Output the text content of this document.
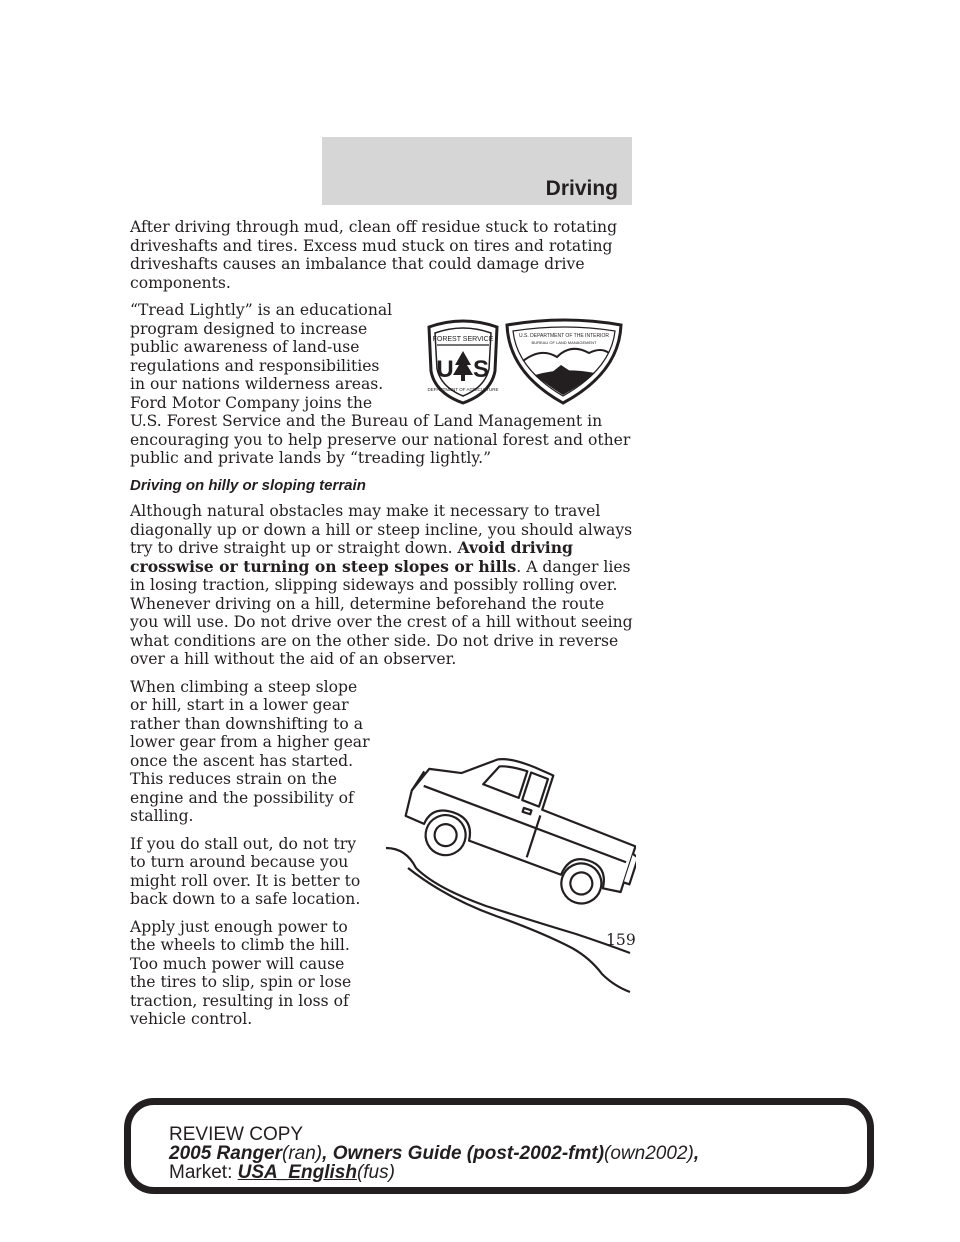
Driving

After driving through mud, clean off residue stuck to rotating driveshafts and tires. Excess mud stuck on tires and rotating driveshafts causes an imbalance that could damage drive components.

FOREST SERVICE
U S
DEPARTMENT OF AGRICULTURE
U.S. DEPARTMENT OF THE INTERIOR
BUREAU OF LAND MANAGEMENT

“Tread Lightly” is an educational program designed to increase public awareness of land-use regulations and responsibilities in our nations wilderness areas. Ford Motor Company joins the U.S. Forest Service and the Bureau of Land Management in encouraging you to help preserve our national forest and other public and private lands by “treading lightly.”

Driving on hilly or sloping terrain

Although natural obstacles may make it necessary to travel diagonally up or down a hill or steep incline, you should always try to drive straight up or straight down. Avoid driving crosswise or turning on steep slopes or hills. A danger lies in losing traction, slipping sideways and possibly rolling over. Whenever driving on a hill, determine beforehand the route you will use. Do not drive over the crest of a hill without seeing what conditions are on the other side. Do not drive in reverse over a hill without the aid of an observer.

When climbing a steep slope or hill, start in a lower gear rather than downshifting to a lower gear from a higher gear once the ascent has started. This reduces strain on the engine and the possibility of stalling.

If you do stall out, do not try to turn around because you might roll over. It is better to back down to a safe location.

Apply just enough power to the wheels to climb the hill. Too much power will cause the tires to slip, spin or lose traction, resulting in loss of vehicle control.

159
REVIEW COPY
2005 Ranger(ran), Owners Guide (post-2002-fmt)(own2002),
Market: USA_English(fus)
